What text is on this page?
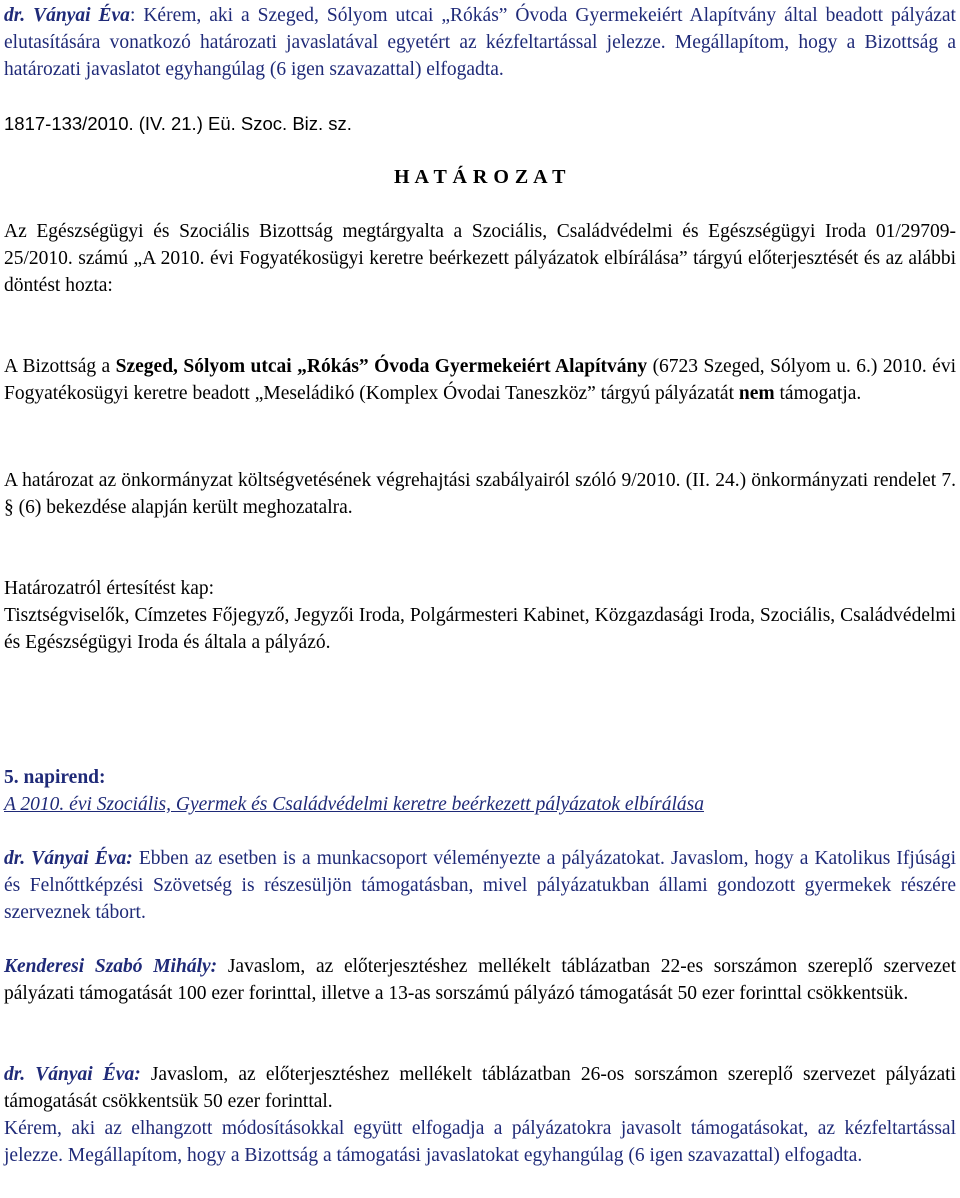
dr. Ványai Éva: Kérem, aki a Szeged, Sólyom utcai „Rókás” Óvoda Gyermekeiért Alapítvány által beadott pályázat elutasítására vonatkozó határozati javaslatával egyetért az kézfeltartással jelezze. Megállapítom, hogy a Bizottság a határozati javaslatot egyhangúlag (6 igen szavazattal) elfogadta.

1817-133/2010. (IV. 21.) Eü. Szoc. Biz. sz.

H A T Á R O Z A T

Az Egészségügyi és Szociális Bizottság megtárgyalta a Szociális, Családvédelmi és Egészségügyi Iroda 01/29709-25/2010. számú „A 2010. évi Fogyatékosügyi keretre beérkezett pályázatok elbírálása” tárgyú előterjesztését és az alábbi döntést hozta:

A Bizottság a Szeged, Sólyom utcai „Rókás” Óvoda Gyermekeiért Alapítvány (6723 Szeged, Sólyom u. 6.) 2010. évi Fogyatékosügyi keretre beadott „Meseládikó (Komplex Óvodai Taneszköz” tárgyú pályázatát nem támogatja.

A határozat az önkormányzat költségvetésének végrehajtási szabályairól szóló 9/2010. (II. 24.) önkormányzati rendelet 7. § (6) bekezdése alapján került meghozatalra.

Határozatról értesítést kap:

Tisztségviselők, Címzetes Főjegyző, Jegyzői Iroda, Polgármesteri Kabinet, Közgazdasági Iroda, Szociális, Családvédelmi és Egészségügyi Iroda és általa a pályázó.

5. napirend:

A 2010. évi Szociális, Gyermek és Családvédelmi keretre beérkezett pályázatok elbírálása

dr. Ványai Éva: Ebben az esetben is a munkacsoport véleményezte a pályázatokat. Javaslom, hogy a Katolikus Ifjúsági és Felnőttképzési Szövetség is részesüljön támogatásban, mivel pályázatukban állami gondozott gyermekek részére szerveznek tábort.

Kenderesi Szabó Mihály: Javaslom, az előterjesztéshez mellékelt táblázatban 22-es sorszámon szereplő szervezet pályázati támogatását 100 ezer forinttal, illetve a 13-as sorszámú pályázó támogatását 50 ezer forinttal csökkentsük.

dr. Ványai Éva: Javaslom, az előterjesztéshez mellékelt táblázatban 26-os sorszámon szereplő szervezet pályázati támogatását csökkentsük 50 ezer forinttal.

Kérem, aki az elhangzott módosításokkal együtt elfogadja a pályázatokra javasolt támogatásokat, az kézfeltartással jelezze. Megállapítom, hogy a Bizottság a támogatási javaslatokat egyhangúlag (6 igen szavazattal) elfogadta.
